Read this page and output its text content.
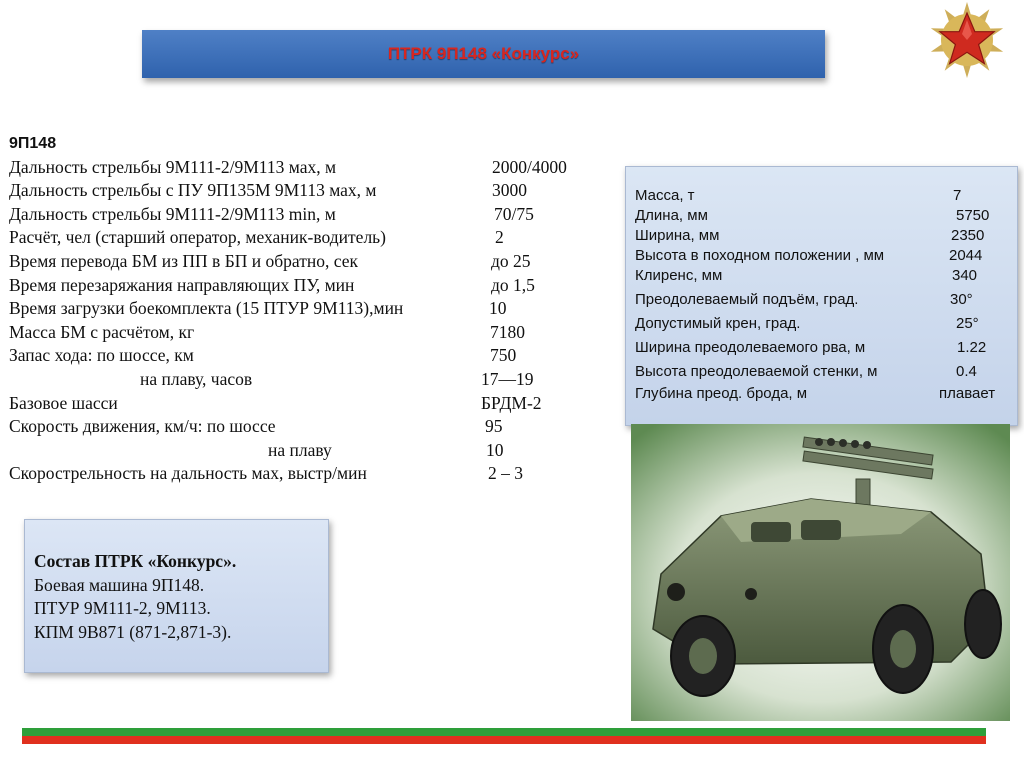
ПТРК 9П148 «Конкурс»
9П148
Дальность стрельбы 9М111-2/9М113 мах, м	2000/4000
Дальность стрельбы с ПУ 9П135М 9М113 мах, м	3000
Дальность стрельбы 9М111-2/9М113 min, м	70/75
Расчёт, чел (старший оператор, механик-водитель)	2
Время перевода БМ из ПП в БП и обратно, сек	до 25
Время перезаряжания направляющих ПУ, мин	до 1,5
Время загрузки боекомплекта (15 ПТУР 9М113),мин	10
Масса БМ с расчётом, кг	7180
Запас хода: по шоссе, км	750
на плаву, часов	17—19
Базовое шасси	БРДМ-2
Скорость движения, км/ч: по шоссе	95
на плаву	10
Скорострельность на дальность мах, выстр/мин	2 – 3
Масса, т	7
Длина, мм	5750
Ширина, мм	2350
Высота в походном положении , мм	2044
Клиренс, мм	340
Преодолеваемый подъём, град.	30°
Допустимый крен, град.	25°
Ширина преодолеваемого рва, м	1.22
Высота преодолеваемой стенки, м	0.4
Глубина преод. брода, м	плавает
Состав ПТРК «Конкурс».
Боевая машина 9П148.
ПТУР 9М111-2, 9М113.
КПМ 9В871 (871-2,871-3).
